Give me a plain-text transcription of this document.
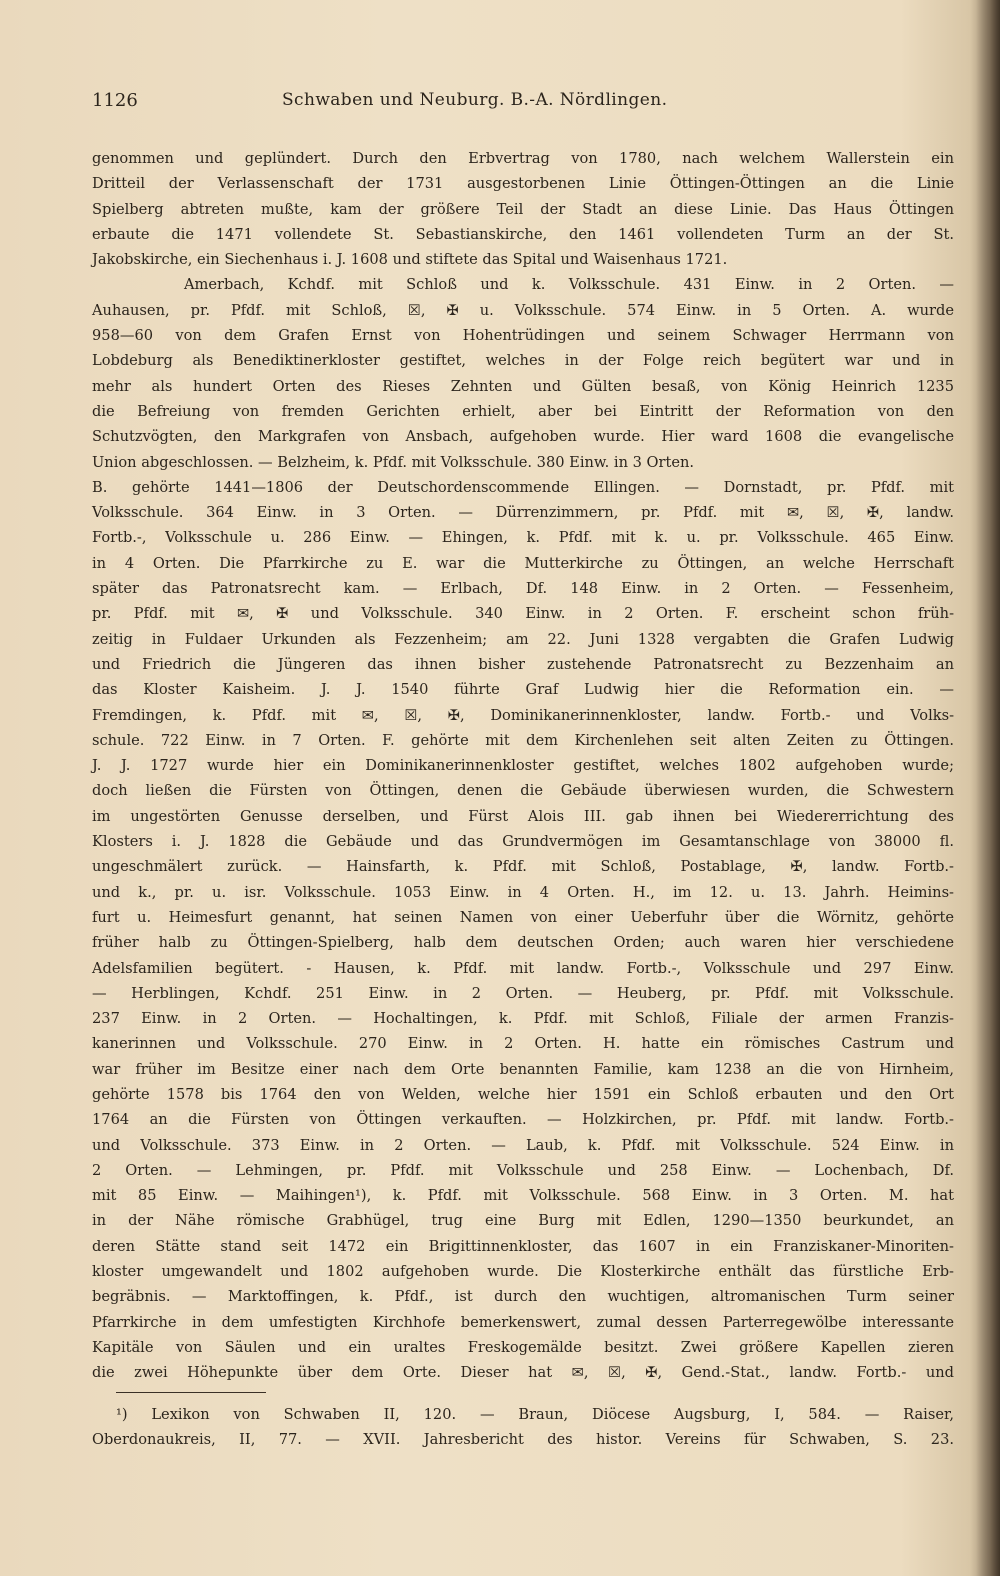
1126	Schwaben und Neuburg. B.-A. Nördlingen.
genommen und geplündert. Durch den Erbvertrag von 1780, nach welchem Wallerstein ein
Dritteil der Verlassenschaft der 1731 ausgestorbenen Linie Öttingen-Öttingen an die Linie
Spielberg abtreten mußte, kam der größere Teil der Stadt an diese Linie. Das Haus Öttingen
erbaute die 1471 vollendete St. Sebastianskirche, den 1461 vollendeten Turm an der St.
Jakobskirche, ein Siechenhaus i. J. 1608 und stiftete das Spital und Waisenhaus 1721.
Amerbach, Kchdf. mit Schloß und k. Volksschule. 431 Einw. in 2 Orten. —
Auhausen, pr. Pfdf. mit Schloß, ☒, ✠ u. Volksschule. 574 Einw. in 5 Orten. A. wurde
958—60 von dem Grafen Ernst von Hohentrüdingen und seinem Schwager Herrmann von
Lobdeburg als Benediktinerkloster gestiftet, welches in der Folge reich begütert war und in
mehr als hundert Orten des Rieses Zehnten und Gülten besaß, von König Heinrich 1235
die Befreiung von fremden Gerichten erhielt, aber bei Eintritt der Reformation von den
Schutzvögten, den Markgrafen von Ansbach, aufgehoben wurde. Hier ward 1608 die evangelische
Union abgeschlossen. — Belzheim, k. Pfdf. mit Volksschule. 380 Einw. in 3 Orten.
B. gehörte 1441—1806 der Deutschordenscommende Ellingen. — Dornstadt, pr. Pfdf. mit
Volksschule. 364 Einw. in 3 Orten. — Dürrenzimmern, pr. Pfdf. mit ✉, ☒, ✠, landw.
Fortb.-, Volksschule u. 286 Einw. — Ehingen, k. Pfdf. mit k. u. pr. Volksschule. 465 Einw.
in 4 Orten. Die Pfarrkirche zu E. war die Mutterkirche zu Öttingen, an welche Herrschaft
später das Patronatsrecht kam. — Erlbach, Df. 148 Einw. in 2 Orten. — Fessenheim,
pr. Pfdf. mit ✉, ✠ und Volksschule. 340 Einw. in 2 Orten. F. erscheint schon früh-
zeitig in Fuldaer Urkunden als Fezzenheim; am 22. Juni 1328 vergabten die Grafen Ludwig
und Friedrich die Jüngeren das ihnen bisher zustehende Patronatsrecht zu Bezzenhaim an
das Kloster Kaisheim. J. J. 1540 führte Graf Ludwig hier die Reformation ein. —
Fremdingen, k. Pfdf. mit ✉, ☒, ✠, Dominikanerinnenkloster, landw. Fortb.- und Volks-
schule. 722 Einw. in 7 Orten. F. gehörte mit dem Kirchenlehen seit alten Zeiten zu Öttingen.
J. J. 1727 wurde hier ein Dominikanerinnenkloster gestiftet, welches 1802 aufgehoben wurde;
doch ließen die Fürsten von Öttingen, denen die Gebäude überwiesen wurden, die Schwestern
im ungestörten Genusse derselben, und Fürst Alois III. gab ihnen bei Wiedererrichtung des
Klosters i. J. 1828 die Gebäude und das Grundvermögen im Gesamtanschlage von 38000 fl.
ungeschmälert zurück. — Hainsfarth, k. Pfdf. mit Schloß, Postablage, ✠, landw. Fortb.-
und k., pr. u. isr. Volksschule. 1053 Einw. in 4 Orten. H., im 12. u. 13. Jahrh. Heimins-
furt u. Heimesfurt genannt, hat seinen Namen von einer Ueberfuhr über die Wörnitz, gehörte
früher halb zu Öttingen-Spielberg, halb dem deutschen Orden; auch waren hier verschiedene
Adelsfamilien begütert. - Hausen, k. Pfdf. mit landw. Fortb.-, Volksschule und 297 Einw.
— Herblingen, Kchdf. 251 Einw. in 2 Orten. — Heuberg, pr. Pfdf. mit Volksschule.
237 Einw. in 2 Orten. — Hochaltingen, k. Pfdf. mit Schloß, Filiale der armen Franzis-
kanerinnen und Volksschule. 270 Einw. in 2 Orten. H. hatte ein römisches Castrum und
war früher im Besitze einer nach dem Orte benannten Familie, kam 1238 an die von Hirnheim,
gehörte 1578 bis 1764 den von Welden, welche hier 1591 ein Schloß erbauten und den Ort
1764 an die Fürsten von Öttingen verkauften. — Holzkirchen, pr. Pfdf. mit landw. Fortb.-
und Volksschule. 373 Einw. in 2 Orten. — Laub, k. Pfdf. mit Volksschule. 524 Einw. in
2 Orten. — Lehmingen, pr. Pfdf. mit Volksschule und 258 Einw. — Lochenbach, Df.
mit 85 Einw. — Maihingen¹), k. Pfdf. mit Volksschule. 568 Einw. in 3 Orten. M. hat
in der Nähe römische Grabhügel, trug eine Burg mit Edlen, 1290—1350 beurkundet, an
deren Stätte stand seit 1472 ein Brigittinnenkloster, das 1607 in ein Franziskaner-Minoriten-
kloster umgewandelt und 1802 aufgehoben wurde. Die Klosterkirche enthält das fürstliche Erb-
begräbnis. — Marktoffingen, k. Pfdf., ist durch den wuchtigen, altromanischen Turm seiner
Pfarrkirche in dem umfestigten Kirchhofe bemerkenswert, zumal dessen Parterregewölbe interessante
Kapitäle von Säulen und ein uraltes Freskogemälde besitzt. Zwei größere Kapellen zieren
die zwei Höhepunkte über dem Orte. Dieser hat ✉, ☒, ✠, Gend.-Stat., landw. Fortb.- und
¹) Lexikon von Schwaben II, 120. — Braun, Diöcese Augsburg, I, 584. — Raiser,
Oberdonaukreis, II, 77. — XVII. Jahresbericht des histor. Vereins für Schwaben, S. 23.
